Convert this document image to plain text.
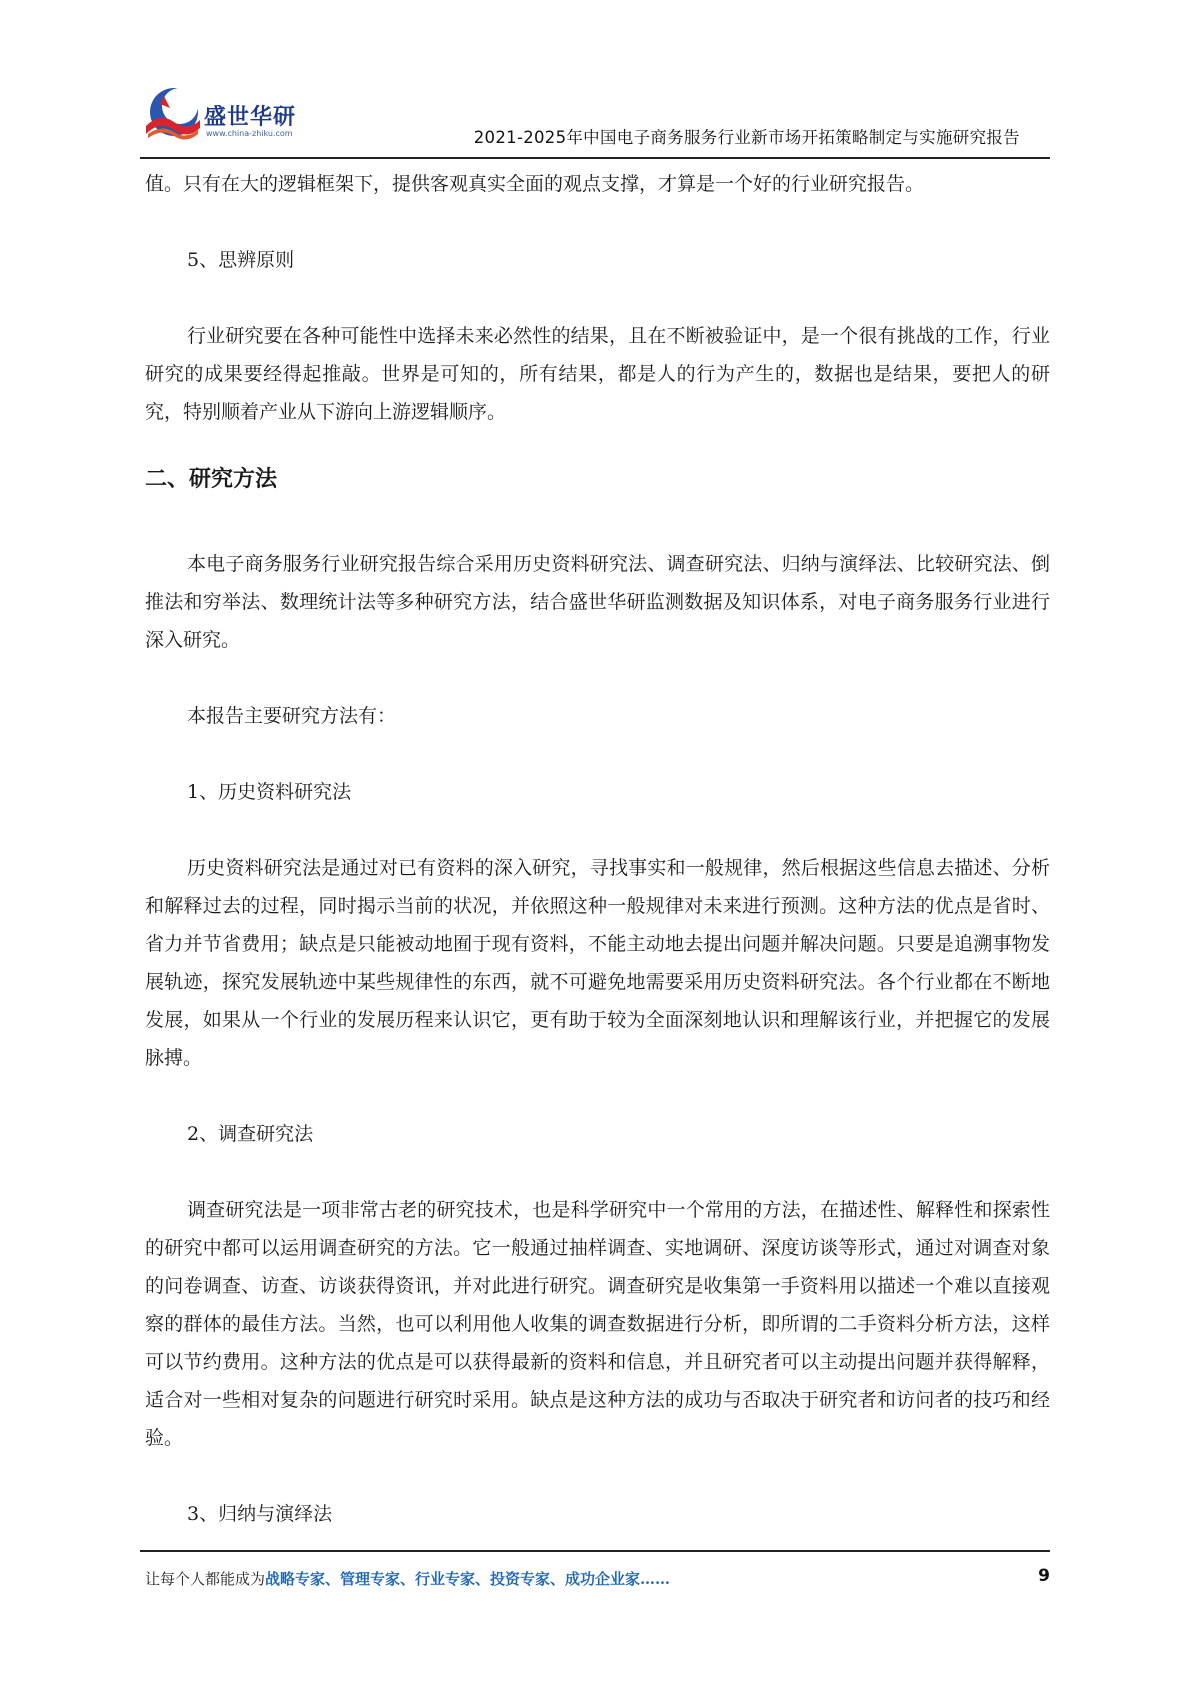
盛世华研
www.china-zhiku.com	2021-2025年中国电子商务服务行业新市场开拓策略制定与实施研究报告

值。只有在大的逻辑框架下，提供客观真实全面的观点支撑，才算是一个好的行业研究报告。

5、思辨原则

行业研究要在各种可能性中选择未来必然性的结果，且在不断被验证中，是一个很有挑战的工作，行业研究的成果要经得起推敲。世界是可知的，所有结果，都是人的行为产生的，数据也是结果，要把人的研究，特别顺着产业从下游向上游逻辑顺序。

二、研究方法

本电子商务服务行业研究报告综合采用历史资料研究法、调查研究法、归纳与演绎法、比较研究法、倒推法和穷举法、数理统计法等多种研究方法，结合盛世华研监测数据及知识体系，对电子商务服务行业进行深入研究。

本报告主要研究方法有：

1、历史资料研究法

历史资料研究法是通过对已有资料的深入研究，寻找事实和一般规律，然后根据这些信息去描述、分析和解释过去的过程，同时揭示当前的状况，并依照这种一般规律对未来进行预测。这种方法的优点是省时、省力并节省费用；缺点是只能被动地囿于现有资料，不能主动地去提出问题并解决问题。只要是追溯事物发展轨迹，探究发展轨迹中某些规律性的东西，就不可避免地需要采用历史资料研究法。各个行业都在不断地发展，如果从一个行业的发展历程来认识它，更有助于较为全面深刻地认识和理解该行业，并把握它的发展脉搏。

2、调查研究法

调查研究法是一项非常古老的研究技术，也是科学研究中一个常用的方法，在描述性、解释性和探索性的研究中都可以运用调查研究的方法。它一般通过抽样调查、实地调研、深度访谈等形式，通过对调查对象的问卷调查、访查、访谈获得资讯，并对此进行研究。调查研究是收集第一手资料用以描述一个难以直接观察的群体的最佳方法。当然，也可以利用他人收集的调查数据进行分析，即所谓的二手资料分析方法，这样可以节约费用。这种方法的优点是可以获得最新的资料和信息，并且研究者可以主动提出问题并获得解释，适合对一些相对复杂的问题进行研究时采用。缺点是这种方法的成功与否取决于研究者和访问者的技巧和经验。

3、归纳与演绎法

让每个人都能成为战略专家、管理专家、行业专家、投资专家、成功企业家……	9
